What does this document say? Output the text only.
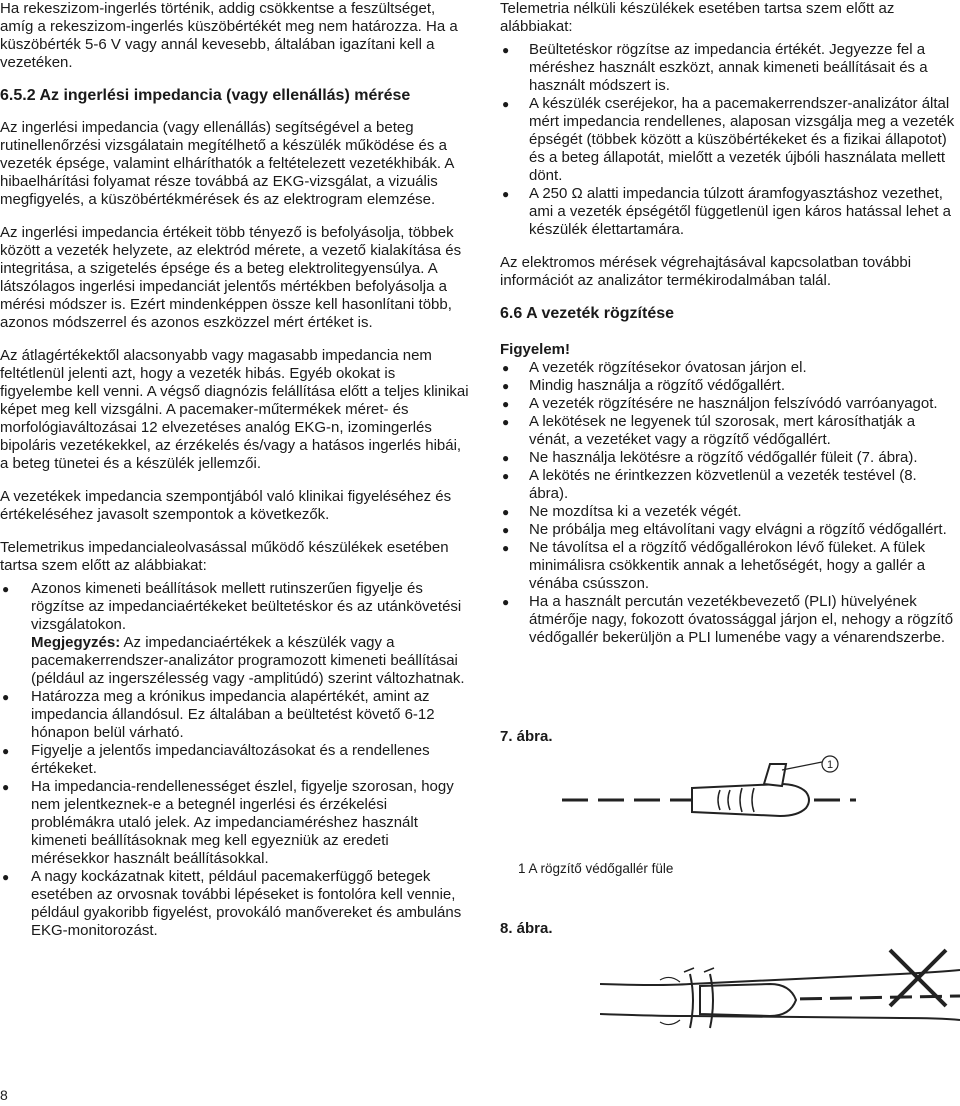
Ha rekeszizom-ingerlés történik, addig csökkentse a feszültséget, amíg a rekeszizom-ingerlés küszöbértékét meg nem határozza. Ha a küszöbérték 5-6 V vagy annál kevesebb, általában igazítani kell a vezetéken.

6.5.2 Az ingerlési impedancia (vagy ellenállás) mérése

Az ingerlési impedancia (vagy ellenállás) segítségével a beteg rutinellenőrzési vizsgálatain megítélhető a készülék működése és a vezeték épsége, valamint elháríthatók a feltételezett vezetékhibák. A hibaelhárítási folyamat része továbbá az EKG-vizsgálat, a vizuális megfigyelés, a küszöbértékmérések és az elektrogram elemzése.

Az ingerlési impedancia értékeit több tényező is befolyásolja, többek között a vezeték helyzete, az elektród mérete, a vezető kialakítása és integritása, a szigetelés épsége és a beteg elektrolitegyensúlya. A látszólagos ingerlési impedanciát jelentős mértékben befolyásolja a mérési módszer is. Ezért mindenképpen össze kell hasonlítani több, azonos módszerrel és azonos eszközzel mért értéket is.

Az átlagértékektől alacsonyabb vagy magasabb impedancia nem feltétlenül jelenti azt, hogy a vezeték hibás. Egyéb okokat is figyelembe kell venni. A végső diagnózis felállítása előtt a teljes klinikai képet meg kell vizsgálni. A pacemaker-műtermékek méret- és morfológiaváltozásai 12 elvezetéses analóg EKG-n, izomingerlés bipoláris vezetékekkel, az érzékelés és/vagy a hatásos ingerlés hibái, a beteg tünetei és a készülék jellemzői.

A vezetékek impedancia szempontjából való klinikai figyeléséhez és értékeléséhez javasolt szempontok a következők.

Telemetrikus impedancialeolvasással működő készülékek esetében tartsa szem előtt az alábbiakat:

● Azonos kimeneti beállítások mellett rutinszerűen figyelje és rögzítse az impedanciaértékeket beültetéskor és az utánkövetési vizsgálatokon.
Megjegyzés: Az impedanciaértékek a készülék vagy a pacemakerrendszer-analizátor programozott kimeneti beállításai (például az ingerszélesség vagy -amplitúdó) szerint változhatnak.
● Határozza meg a krónikus impedancia alapértékét, amint az impedancia állandósul. Ez általában a beültetést követő 6-12 hónapon belül várható.
● Figyelje a jelentős impedanciaváltozásokat és a rendellenes értékeket.
● Ha impedancia-rendellenességet észlel, figyelje szorosan, hogy nem jelentkeznek-e a betegnél ingerlési és érzékelési problémákra utaló jelek. Az impedanciaméréshez használt kimeneti beállításoknak meg kell egyezniük az eredeti mérésekkor használt beállításokkal.
● A nagy kockázatnak kitett, például pacemakerfüggő betegek esetében az orvosnak további lépéseket is fontolóra kell vennie, például gyakoribb figyelést, provokáló manővereket és ambuláns EKG-monitorozást.

Telemetria nélküli készülékek esetében tartsa szem előtt az alábbiakat:

● Beültetéskor rögzítse az impedancia értékét. Jegyezze fel a méréshez használt eszközt, annak kimeneti beállításait és a használt módszert is.
● A készülék cseréjekor, ha a pacemakerrendszer-analizátor által mért impedancia rendellenes, alaposan vizsgálja meg a vezeték épségét (többek között a küszöbértékeket és a fizikai állapotot) és a beteg állapotát, mielőtt a vezeték újbóli használata mellett dönt.
● A 250 Ω alatti impedancia túlzott áramfogyasztáshoz vezethet, ami a vezeték épségétől függetlenül igen káros hatással lehet a készülék élettartamára.

Az elektromos mérések végrehajtásával kapcsolatban további információt az analizátor termékirodalmában talál.

6.6 A vezeték rögzítése

Figyelem!

● A vezeték rögzítésekor óvatosan járjon el.
● Mindig használja a rögzítő védőgallért.
● A vezeték rögzítésére ne használjon felszívódó varróanyagot.
● A lekötések ne legyenek túl szorosak, mert károsíthatják a vénát, a vezetéket vagy a rögzítő védőgallért.
● Ne használja lekötésre a rögzítő védőgallér füleit (7. ábra).
● A lekötés ne érintkezzen közvetlenül a vezeték testével (8. ábra).
● Ne mozdítsa ki a vezeték végét.
● Ne próbálja meg eltávolítani vagy elvágni a rögzítő védőgallért.
● Ne távolítsa el a rögzítő védőgallérokon lévő füleket. A fülek minimálisra csökkentik annak a lehetőségét, hogy a gallér a vénába csússzon.
● Ha a használt percután vezetékbevezető (PLI) hüvelyének átmérője nagy, fokozott óvatossággal járjon el, nehogy a rögzítő védőgallér bekerüljön a PLI lumenébe vagy a vénarendszerbe.
7. ábra.
1
1 A rögzítő védőgallér füle
8. ábra.
8
